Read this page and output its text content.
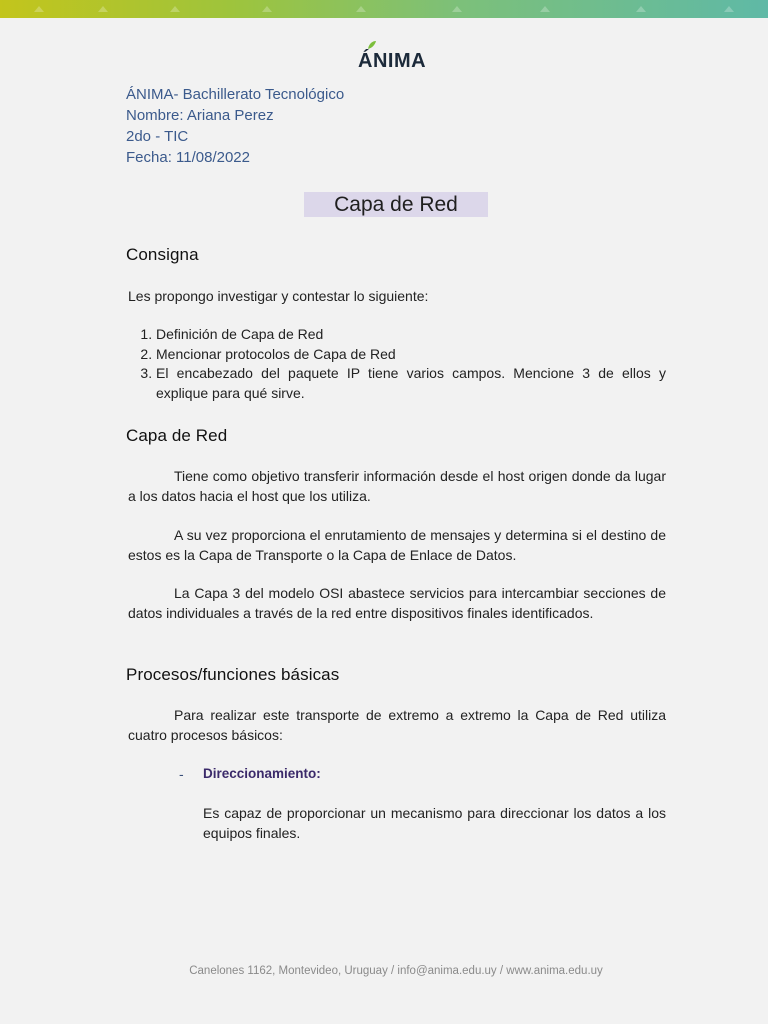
ÁNIMA
ÁNIMA- Bachillerato Tecnológico
Nombre: Ariana Perez
2do - TIC
Fecha: 11/08/2022
Capa de Red
Consigna
Les propongo investigar y contestar lo siguiente:
1. Definición de Capa de Red
2. Mencionar protocolos de Capa de Red
3. El encabezado del paquete IP tiene varios campos. Mencione 3 de ellos y explique para qué sirve.
Capa de Red
Tiene como objetivo transferir información desde el host origen donde da lugar a los datos hacia el host que los utiliza.
A su vez proporciona el enrutamiento de mensajes y determina si el destino de estos es la Capa de Transporte o la Capa de Enlace de Datos.
La Capa 3 del modelo OSI abastece servicios para intercambiar secciones de datos individuales a través de la red entre dispositivos finales identificados.
Procesos/funciones básicas
Para realizar este transporte de extremo a extremo la Capa de Red utiliza cuatro procesos básicos:
- Direccionamiento:
Es capaz de proporcionar un mecanismo para direccionar los datos a los equipos finales.
Canelones 1162, Montevideo, Uruguay / info@anima.edu.uy / www.anima.edu.uy
